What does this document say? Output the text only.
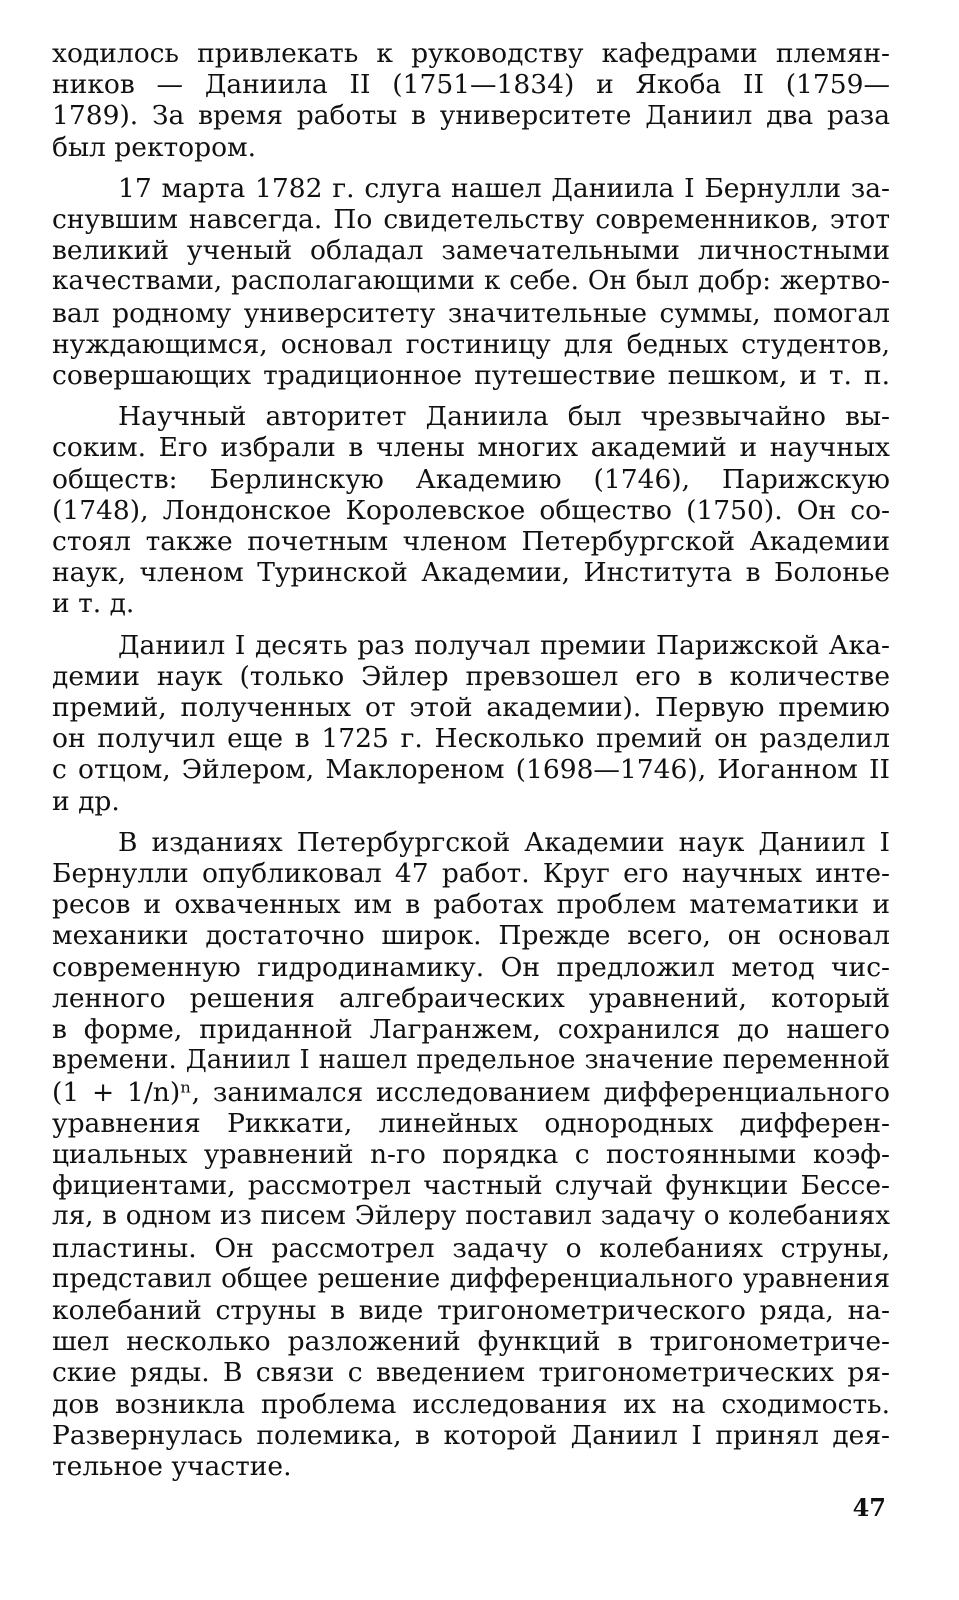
ходилось привлекать к руководству кафедрами племян-
ников — Даниила II (1751—1834) и Якоба II (1759—
1789). За время работы в университете Даниил два раза
был ректором.
17 марта 1782 г. слуга нашел Даниила I Бернулли за-
снувшим навсегда. По свидетельству современников, этот
великий ученый обладал замечательными личностными
качествами, располагающими к себе. Он был добр: жертво-
вал родному университету значительные суммы, помогал
нуждающимся, основал гостиницу для бедных студентов,
совершающих традиционное путешествие пешком, и т. п.
Научный авторитет Даниила был чрезвычайно вы-
соким. Его избрали в члены многих академий и научных
обществ: Берлинскую Академию (1746), Парижскую
(1748), Лондонское Королевское общество (1750). Он со-
стоял также почетным членом Петербургской Академии
наук, членом Туринской Академии, Института в Болонье
и т. д.
Даниил I десять раз получал премии Парижской Ака-
демии наук (только Эйлер превзошел его в количестве
премий, полученных от этой академии). Первую премию
он получил еще в 1725 г. Несколько премий он разделил
с отцом, Эйлером, Маклореном (1698—1746), Иоганном II
и др.
В изданиях Петербургской Академии наук Даниил I
Бернулли опубликовал 47 работ. Круг его научных инте-
ресов и охваченных им в работах проблем математики и
механики достаточно широк. Прежде всего, он основал
современную гидродинамику. Он предложил метод чис-
ленного решения алгебраических уравнений, который
в форме, приданной Лагранжем, сохранился до нашего
времени. Даниил I нашел предельное значение переменной
(1 + 1/n)ⁿ, занимался исследованием дифференциального
уравнения Риккати, линейных однородных дифферен-
циальных уравнений n-го порядка с постоянными коэф-
фициентами, рассмотрел частный случай функции Бессе-
ля, в одном из писем Эйлеру поставил задачу о колебаниях
пластины. Он рассмотрел задачу о колебаниях струны,
представил общее решение дифференциального уравнения
колебаний струны в виде тригонометрического ряда, на-
шел несколько разложений функций в тригонометриче-
ские ряды. В связи с введением тригонометрических ря-
дов возникла проблема исследования их на сходимость.
Развернулась полемика, в которой Даниил I принял дея-
тельное участие.
47
